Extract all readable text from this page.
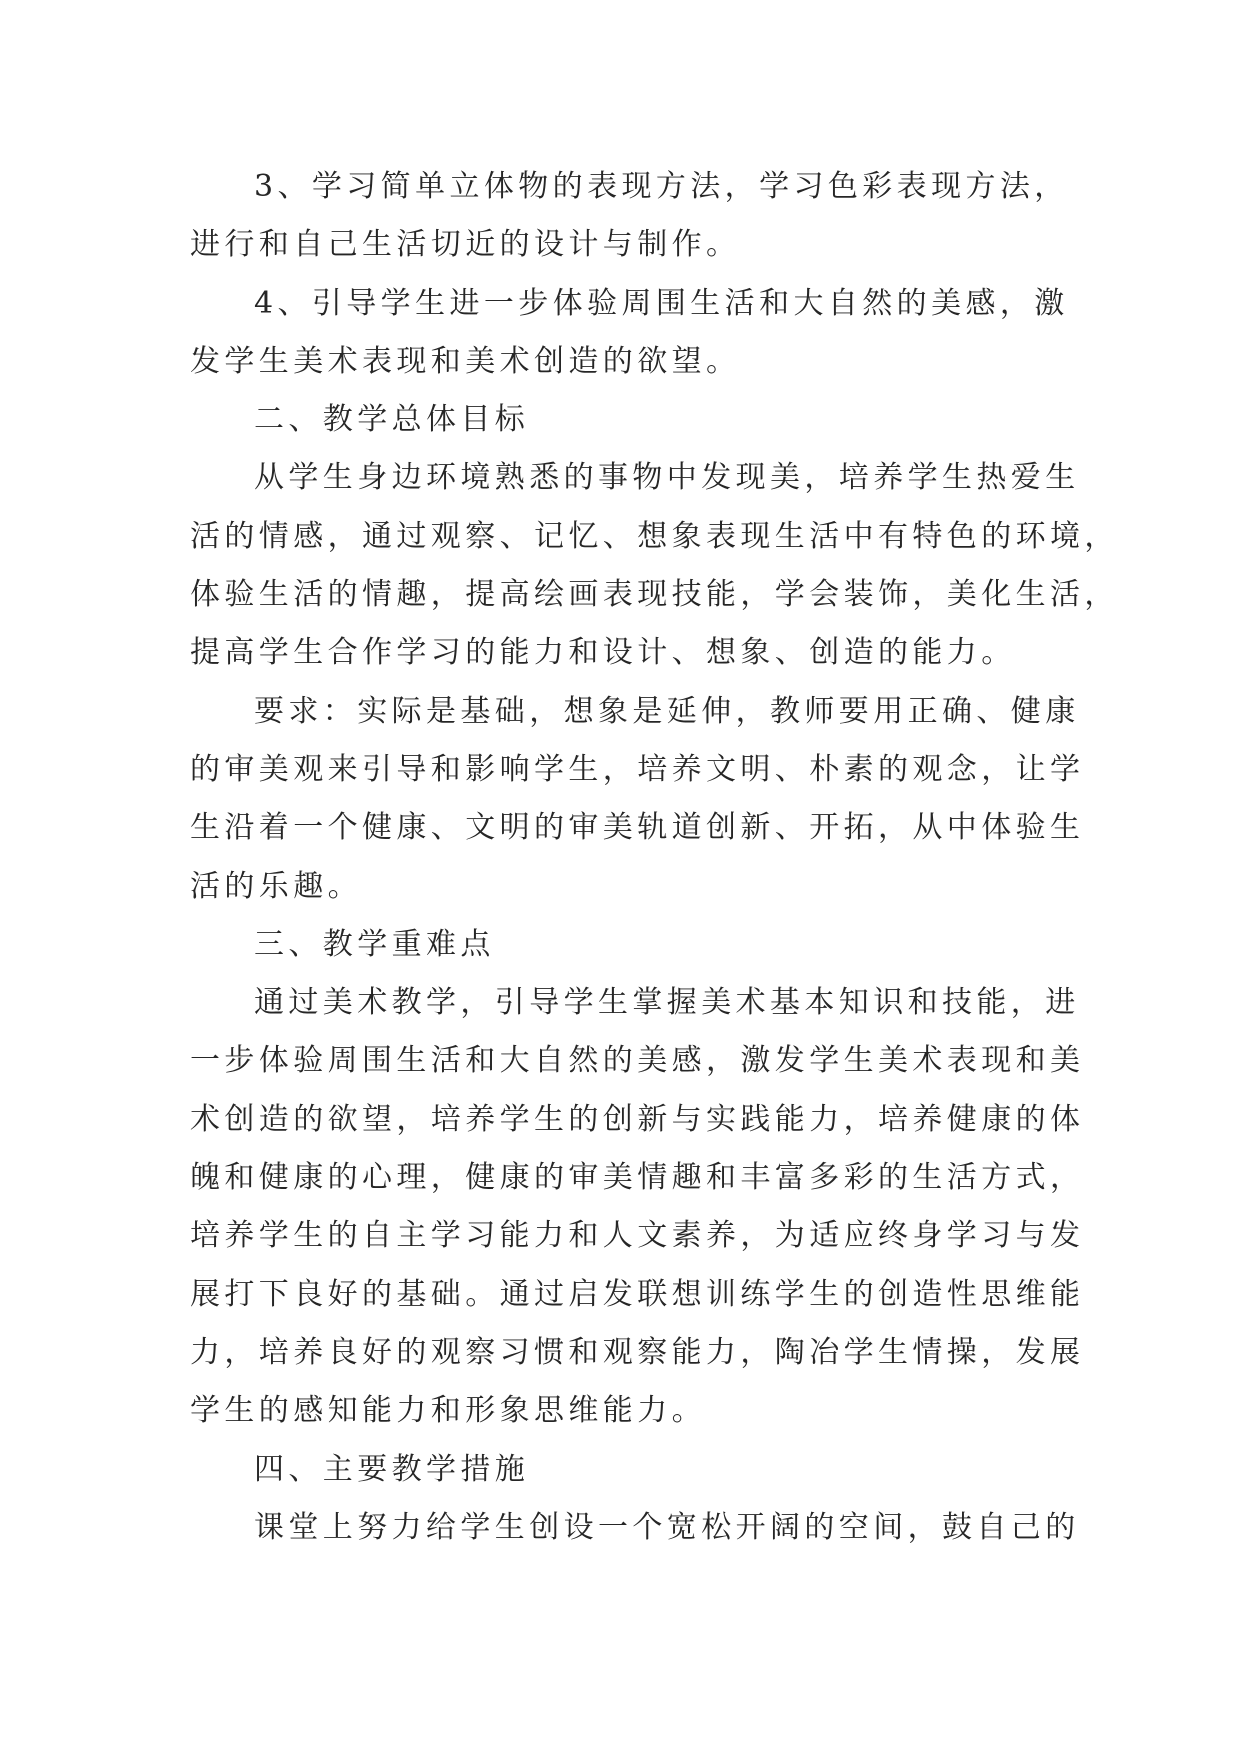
3、学习简单立体物的表现方法，学习色彩表现方法，
进行和自己生活切近的设计与制作。
4、引导学生进一步体验周围生活和大自然的美感，激
发学生美术表现和美术创造的欲望。
二、教学总体目标
从学生身边环境熟悉的事物中发现美，培养学生热爱生
活的情感，通过观察、记忆、想象表现生活中有特色的环境，
体验生活的情趣，提高绘画表现技能，学会装饰，美化生活，
提高学生合作学习的能力和设计、想象、创造的能力。
要求：实际是基础，想象是延伸，教师要用正确、健康
的审美观来引导和影响学生，培养文明、朴素的观念，让学
生沿着一个健康、文明的审美轨道创新、开拓，从中体验生
活的乐趣。
三、教学重难点
通过美术教学，引导学生掌握美术基本知识和技能，进
一步体验周围生活和大自然的美感，激发学生美术表现和美
术创造的欲望，培养学生的创新与实践能力，培养健康的体
魄和健康的心理，健康的审美情趣和丰富多彩的生活方式，
培养学生的自主学习能力和人文素养，为适应终身学习与发
展打下良好的基础。通过启发联想训练学生的创造性思维能
力，培养良好的观察习惯和观察能力，陶冶学生情操，发展
学生的感知能力和形象思维能力。
四、主要教学措施
课堂上努力给学生创设一个宽松开阔的空间，鼓自己的
